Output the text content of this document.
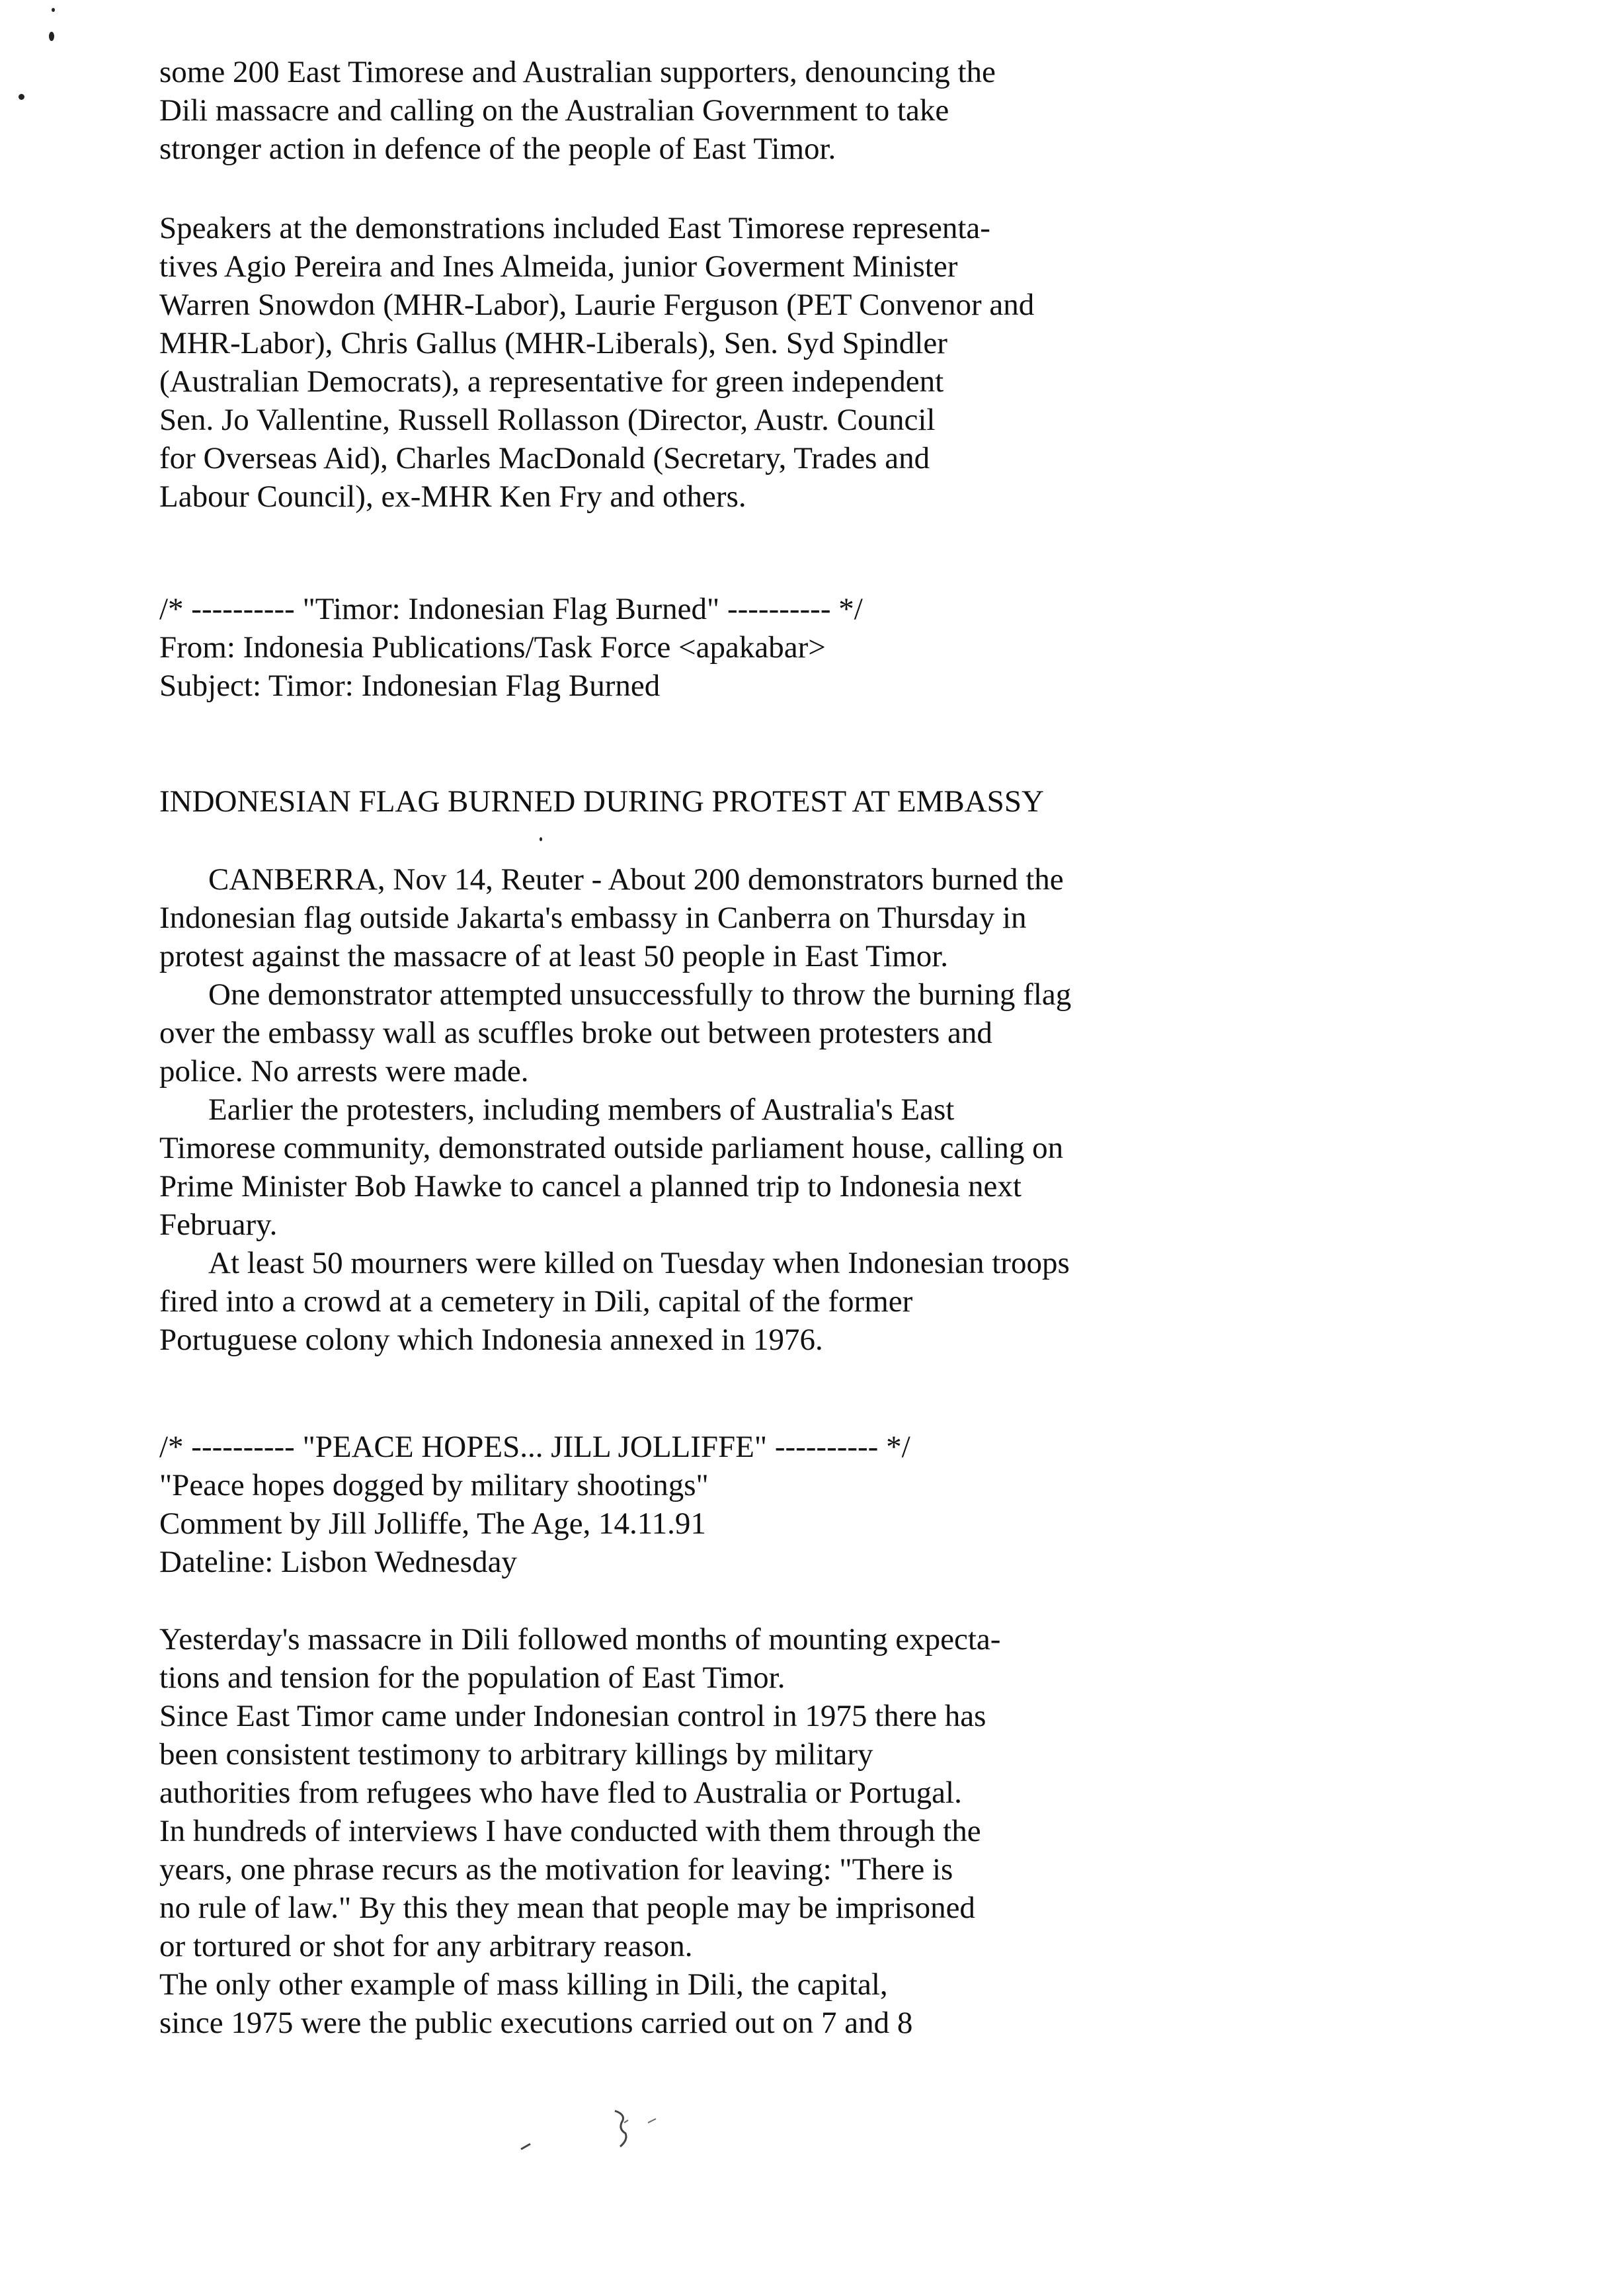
some 200 East Timorese and Australian supporters, denouncing the
Dili massacre and calling on the Australian Government to take
stronger action in defence of the people of East Timor.
Speakers at the demonstrations included East Timorese representa-
tives Agio Pereira and Ines Almeida, junior Goverment Minister
Warren Snowdon (MHR-Labor), Laurie Ferguson (PET Convenor and
MHR-Labor), Chris Gallus (MHR-Liberals), Sen. Syd Spindler
(Australian Democrats), a representative for green independent
Sen. Jo Vallentine, Russell Rollasson (Director, Austr. Council
for Overseas Aid), Charles MacDonald (Secretary, Trades and
Labour Council), ex-MHR Ken Fry and others.
/* ---------- "Timor: Indonesian Flag Burned" ---------- */
From: Indonesia Publications/Task Force <apakabar>
Subject: Timor: Indonesian Flag Burned
INDONESIAN FLAG BURNED DURING PROTEST AT EMBASSY
CANBERRA, Nov 14, Reuter - About 200 demonstrators burned the
Indonesian flag outside Jakarta's embassy in Canberra on Thursday in
protest against the massacre of at least 50 people in East Timor.
One demonstrator attempted unsuccessfully to throw the burning flag
over the embassy wall as scuffles broke out between protesters and
police. No arrests were made.
Earlier the protesters, including members of Australia's East
Timorese community, demonstrated outside parliament house, calling on
Prime Minister Bob Hawke to cancel a planned trip to Indonesia next
February.
At least 50 mourners were killed on Tuesday when Indonesian troops
fired into a crowd at a cemetery in Dili, capital of the former
Portuguese colony which Indonesia annexed in 1976.
/* ---------- "PEACE HOPES... JILL JOLLIFFE" ---------- */
"Peace hopes dogged by military shootings"
Comment by Jill Jolliffe, The Age, 14.11.91
Dateline: Lisbon Wednesday
Yesterday's massacre in Dili followed months of mounting expecta-
tions and tension for the population of East Timor.
Since East Timor came under Indonesian control in 1975 there has
been consistent testimony to arbitrary killings by military
authorities from refugees who have fled to Australia or Portugal.
In hundreds of interviews I have conducted with them through the
years, one phrase recurs as the motivation for leaving: "There is
no rule of law." By this they mean that people may be imprisoned
or tortured or shot for any arbitrary reason.
The only other example of mass killing in Dili, the capital,
since 1975 were the public executions carried out on 7 and 8
